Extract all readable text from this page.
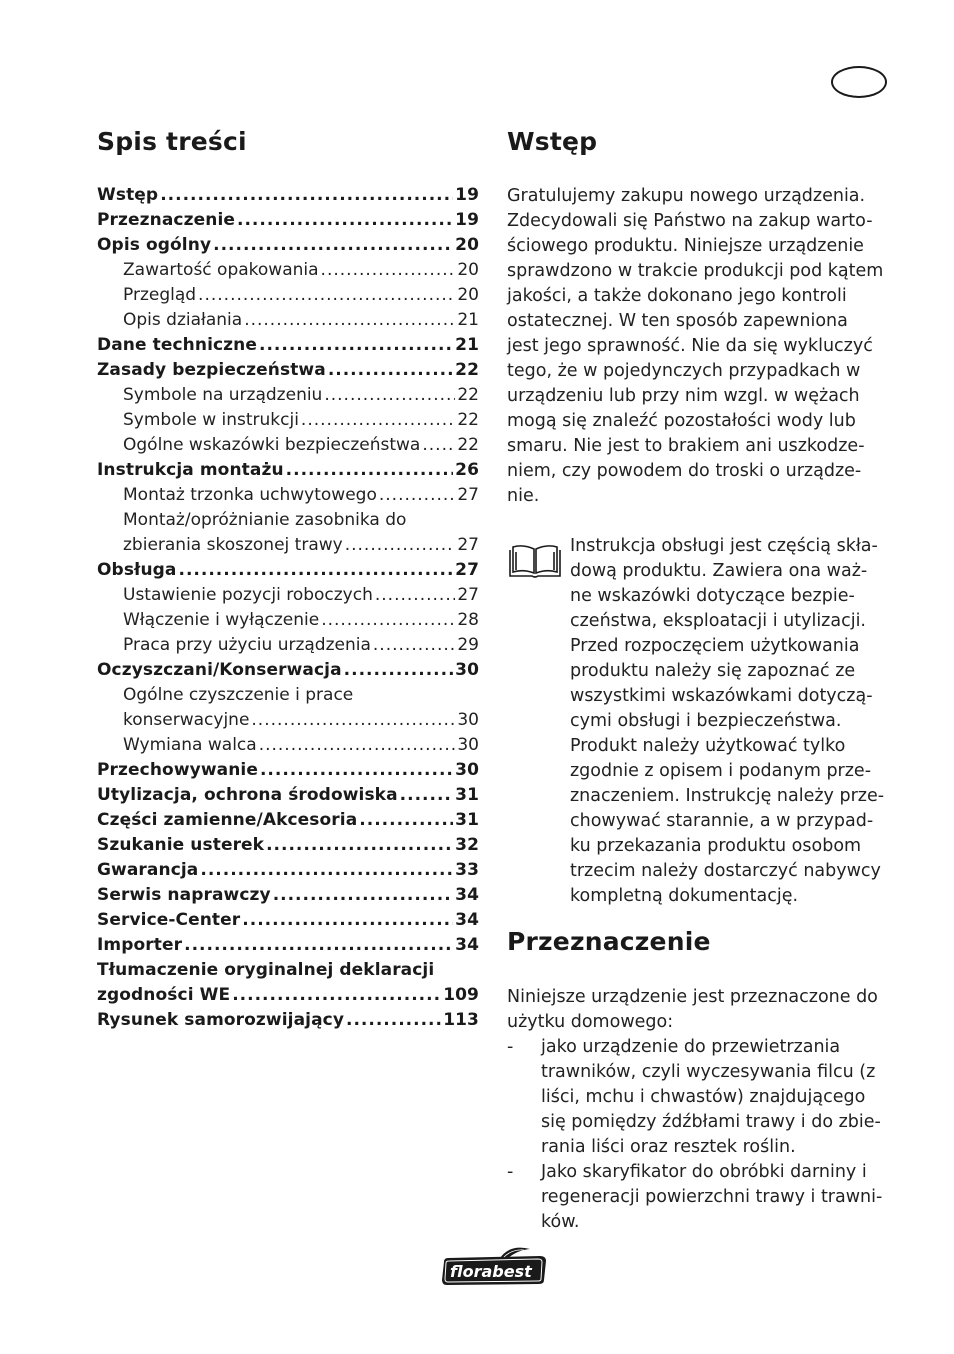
Spis treści
Wstęp .....	19
Przeznaczenie .....	19
Opis ogólny .....	20
Zawartość opakowania .....	20
Przegląd .....	20
Opis działania .....	21
Dane techniczne .....	21
Zasady bezpieczeństwa .....	22
Symbole na urządzeniu .....	22
Symbole w instrukcji .....	22
Ogólne wskazówki bezpieczeństwa ..... 22
Instrukcja montażu .....	26
Montaż trzonka uchwytowego .....	27
Montaż/opróżnianie zasobnika do
zbierania skoszonej trawy .....	27
Obsługa .....	27
Ustawienie pozycji roboczych .....	27
Włączenie i wyłączenie .....	28
Praca przy użyciu urządzenia .....	29
Oczyszczani/Konserwacja .....	30
Ogólne czyszczenie i prace
konserwacyjne .....	30
Wymiana walca .....	30
Przechowywanie .....	30
Utylizacja, ochrona środowiska .....	31
Części zamienne/Akcesoria .....	31
Szukanie usterek .....	32
Gwarancja .....	33
Serwis naprawczy .....	34
Service-Center .....	34
Importer .....	34
Tłumaczenie oryginalnej deklaracji
zgodności WE .....	109
Rysunek samorozwijający .....	113
Wstęp

Gratulujemy zakupu nowego urządzenia.

Zdecydowali się Państwo na zakup warto-

ściowego produktu. Niniejsze urządzenie

sprawdzono w trakcie produkcji pod kątem

jakości, a także dokonano jego kontroli

ostatecznej. W ten sposób zapewniona

jest jego sprawność. Nie da się wykluczyć

tego, że w pojedynczych przypadkach w

urządzeniu lub przy nim wzgl. w wężach

mogą się znaleźć pozostałości wody lub

smaru. Nie jest to brakiem ani uszkodze-

niem, czy powodem do troski o urządze-

nie.

Instrukcja obsługi jest częścią skła-

dową produktu. Zawiera ona waż-

ne wskazówki dotyczące bezpie-

czeństwa, eksploatacji i utylizacji.

Przed rozpoczęciem użytkowania

produktu należy się zapoznać ze

wszystkimi wskazówkami dotyczą-

cymi obsługi i bezpieczeństwa.

Produkt należy użytkować tylko

zgodnie z opisem i podanym prze-

znaczeniem. Instrukcję należy prze-

chowywać starannie, a w przypad-

ku przekazania produktu osobom

trzecim należy dostarczyć nabywcy

kompletną dokumentację.

Przeznaczenie

Niniejsze urządzenie jest przeznaczone do

użytku domowego:

- jako urządzenie do przewietrzania
trawników, czyli wyczesywania filcu (z
liści, mchu i chwastów) znajdującego
się pomiędzy źdźbłami trawy i do zbie-
rania liści oraz resztek roślin.
- Jako skaryfikator do obróbki darniny i
regeneracji powierzchni trawy i trawni-
ków.
florabest
